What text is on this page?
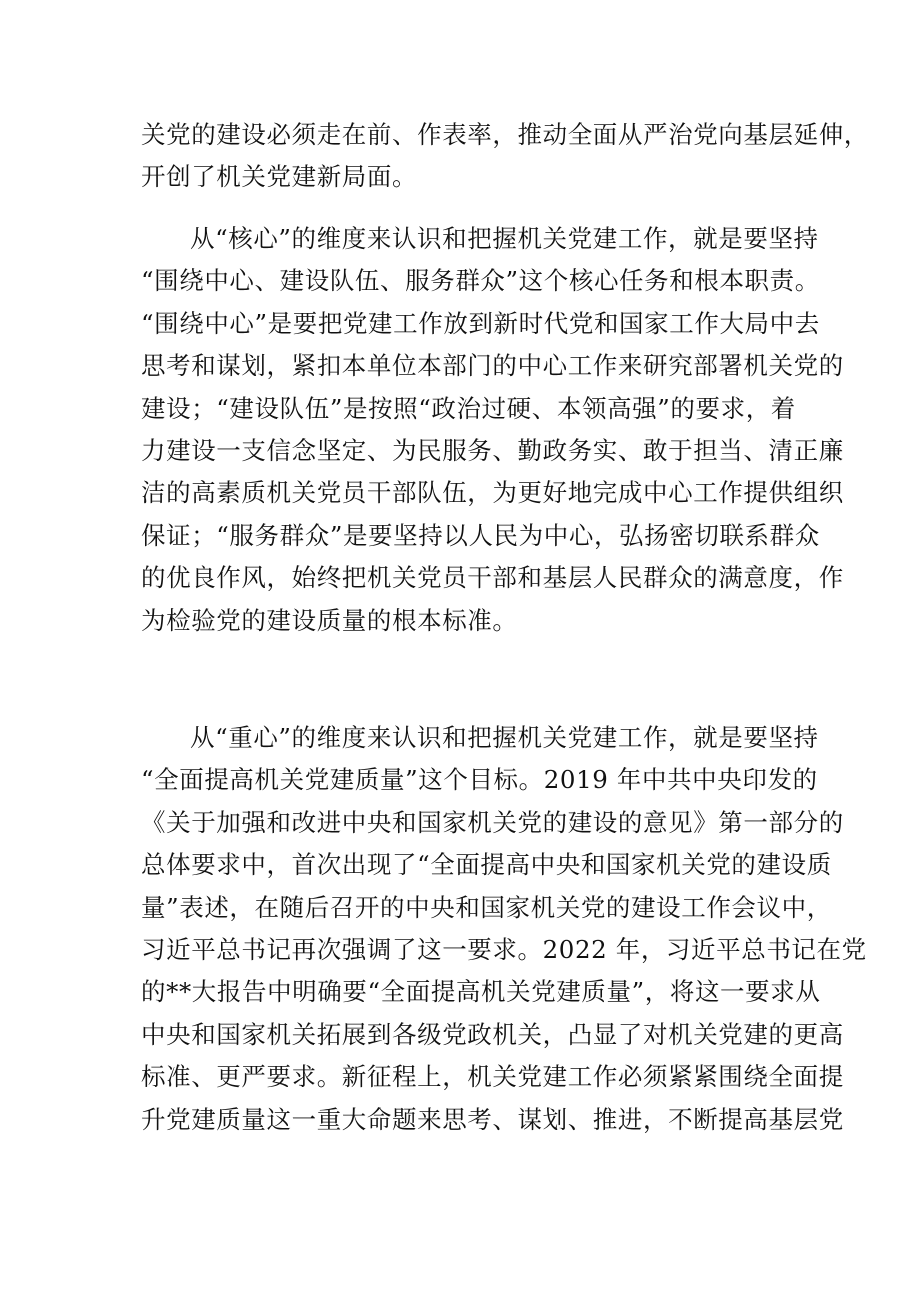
关党的建设必须走在前、作表率，推动全面从严治党向基层延伸，
开创了机关党建新局面。

从“核心”的维度来认识和把握机关党建工作，就是要坚持
“围绕中心、建设队伍、服务群众”这个核心任务和根本职责。
“围绕中心”是要把党建工作放到新时代党和国家工作大局中去
思考和谋划，紧扣本单位本部门的中心工作来研究部署机关党的
建设；“建设队伍”是按照“政治过硬、本领高强”的要求，着
力建设一支信念坚定、为民服务、勤政务实、敢于担当、清正廉
洁的高素质机关党员干部队伍，为更好地完成中心工作提供组织
保证；“服务群众”是要坚持以人民为中心，弘扬密切联系群众
的优良作风，始终把机关党员干部和基层人民群众的满意度，作
为检验党的建设质量的根本标准。

从“重心”的维度来认识和把握机关党建工作，就是要坚持
“全面提高机关党建质量”这个目标。2019 年中共中央印发的
《关于加强和改进中央和国家机关党的建设的意见》第一部分的
总体要求中，首次出现了“全面提高中央和国家机关党的建设质
量”表述，在随后召开的中央和国家机关党的建设工作会议中，
习近平总书记再次强调了这一要求。2022 年，习近平总书记在党
的**大报告中明确要“全面提高机关党建质量”，将这一要求从
中央和国家机关拓展到各级党政机关，凸显了对机关党建的更高
标准、更严要求。新征程上，机关党建工作必须紧紧围绕全面提
升党建质量这一重大命题来思考、谋划、推进，不断提高基层党
